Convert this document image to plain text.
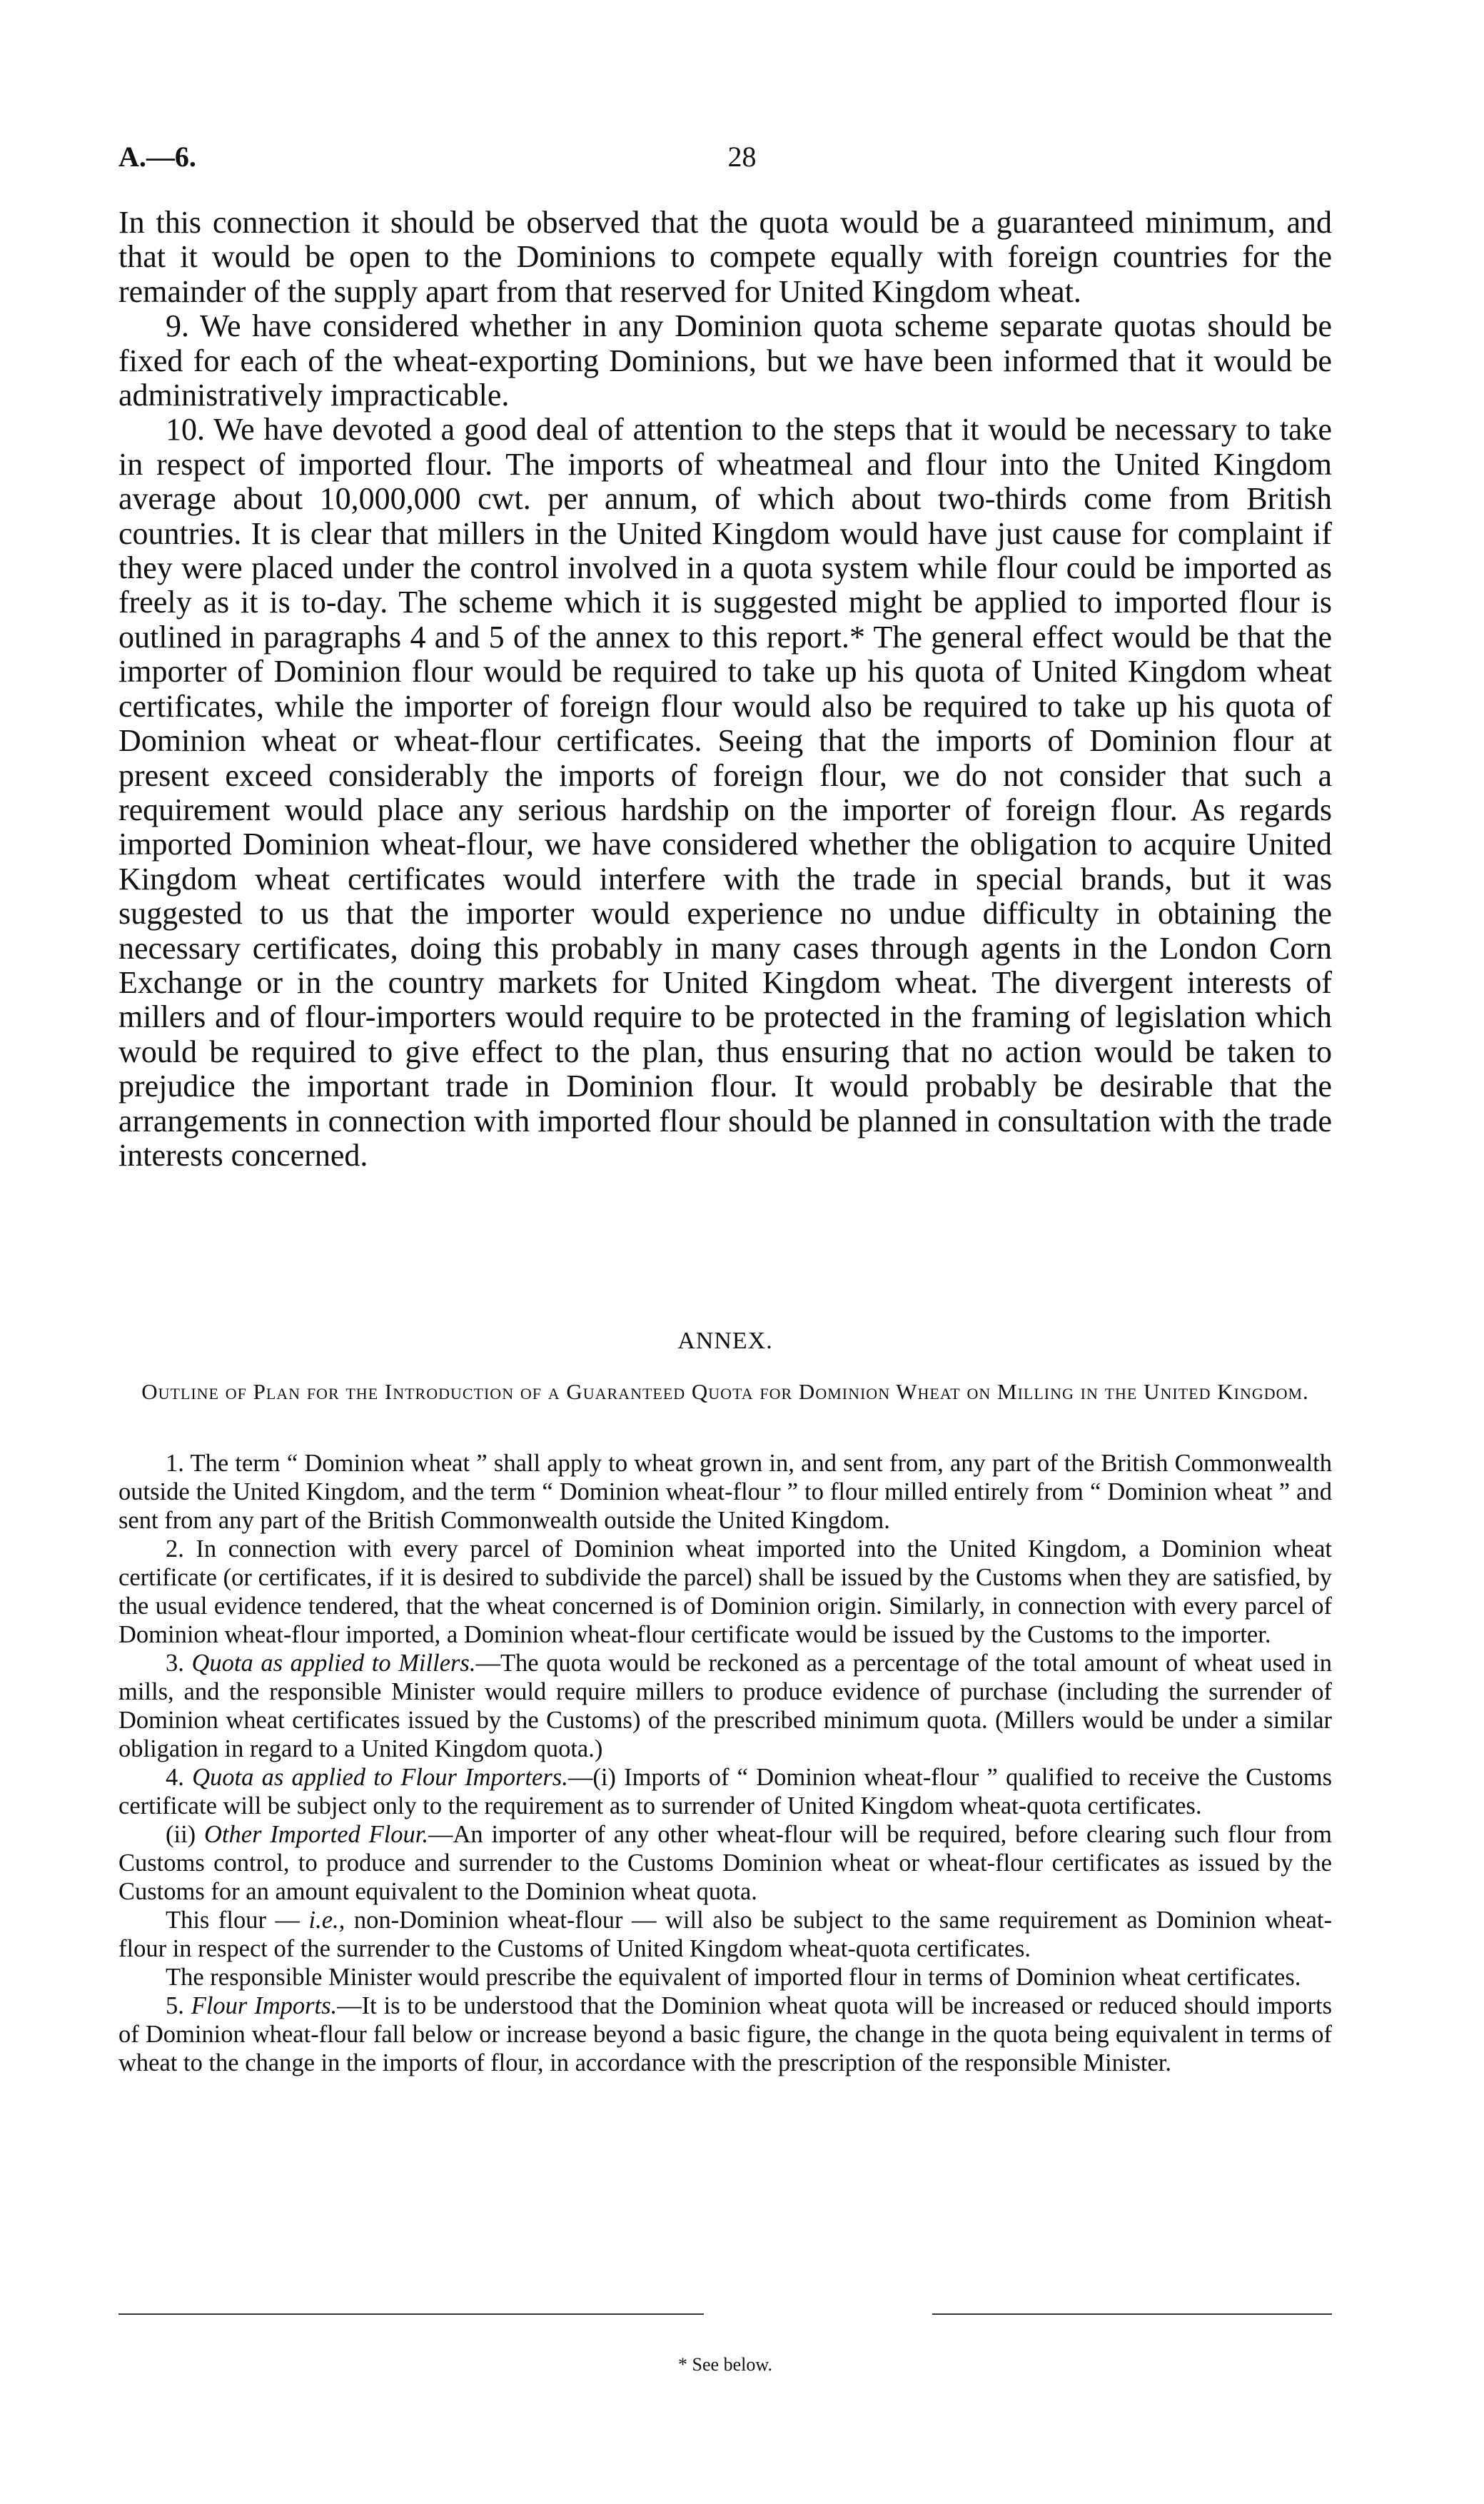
A.—6.	28

In this connection it should be observed that the quota would be a guaranteed minimum, and that it would be open to the Dominions to compete equally with foreign countries for the remainder of the supply apart from that reserved for United Kingdom wheat.

9. We have considered whether in any Dominion quota scheme separate quotas should be fixed for each of the wheat-exporting Dominions, but we have been informed that it would be administratively impracticable.

10. We have devoted a good deal of attention to the steps that it would be necessary to take in respect of imported flour. The imports of wheatmeal and flour into the United Kingdom average about 10,000,000 cwt. per annum, of which about two-thirds come from British countries. It is clear that millers in the United Kingdom would have just cause for complaint if they were placed under the control involved in a quota system while flour could be imported as freely as it is to-day. The scheme which it is suggested might be applied to imported flour is outlined in paragraphs 4 and 5 of the annex to this report.* The general effect would be that the importer of Dominion flour would be required to take up his quota of United Kingdom wheat certificates, while the importer of foreign flour would also be required to take up his quota of Dominion wheat or wheat-flour certificates. Seeing that the imports of Dominion flour at present exceed considerably the imports of foreign flour, we do not consider that such a requirement would place any serious hardship on the importer of foreign flour. As regards imported Dominion wheat-flour, we have considered whether the obligation to acquire United Kingdom wheat certificates would interfere with the trade in special brands, but it was suggested to us that the importer would experience no undue difficulty in obtaining the necessary certificates, doing this probably in many cases through agents in the London Corn Exchange or in the country markets for United Kingdom wheat. The divergent interests of millers and of flour-importers would require to be protected in the framing of legislation which would be required to give effect to the plan, thus ensuring that no action would be taken to prejudice the important trade in Dominion flour. It would probably be desirable that the arrangements in connection with imported flour should be planned in consultation with the trade interests concerned.

ANNEX.
Outline of Plan for the Introduction of a Guaranteed Quota for Dominion Wheat on Milling in the United Kingdom.

1. The term “ Dominion wheat ” shall apply to wheat grown in, and sent from, any part of the British Commonwealth outside the United Kingdom, and the term “ Dominion wheat-flour ” to flour milled entirely from “ Dominion wheat ” and sent from any part of the British Commonwealth outside the United Kingdom.

2. In connection with every parcel of Dominion wheat imported into the United Kingdom, a Dominion wheat certificate (or certificates, if it is desired to subdivide the parcel) shall be issued by the Customs when they are satisfied, by the usual evidence tendered, that the wheat concerned is of Dominion origin. Similarly, in connection with every parcel of Dominion wheat-flour imported, a Dominion wheat-flour certificate would be issued by the Customs to the importer.

3. Quota as applied to Millers.—The quota would be reckoned as a percentage of the total amount of wheat used in mills, and the responsible Minister would require millers to produce evidence of purchase (including the surrender of Dominion wheat certificates issued by the Customs) of the prescribed minimum quota. (Millers would be under a similar obligation in regard to a United Kingdom quota.)

4. Quota as applied to Flour Importers.—(i) Imports of “ Dominion wheat-flour ” qualified to receive the Customs certificate will be subject only to the requirement as to surrender of United Kingdom wheat-quota certificates.

(ii) Other Imported Flour.—An importer of any other wheat-flour will be required, before clearing such flour from Customs control, to produce and surrender to the Customs Dominion wheat or wheat-flour certificates as issued by the Customs for an amount equivalent to the Dominion wheat quota.

This flour — i.e., non-Dominion wheat-flour — will also be subject to the same requirement as Dominion wheat-flour in respect of the surrender to the Customs of United Kingdom wheat-quota certificates.

The responsible Minister would prescribe the equivalent of imported flour in terms of Dominion wheat certificates.

5. Flour Imports.—It is to be understood that the Dominion wheat quota will be increased or reduced should imports of Dominion wheat-flour fall below or increase beyond a basic figure, the change in the quota being equivalent in terms of wheat to the change in the imports of flour, in accordance with the prescription of the responsible Minister.

* See below.
